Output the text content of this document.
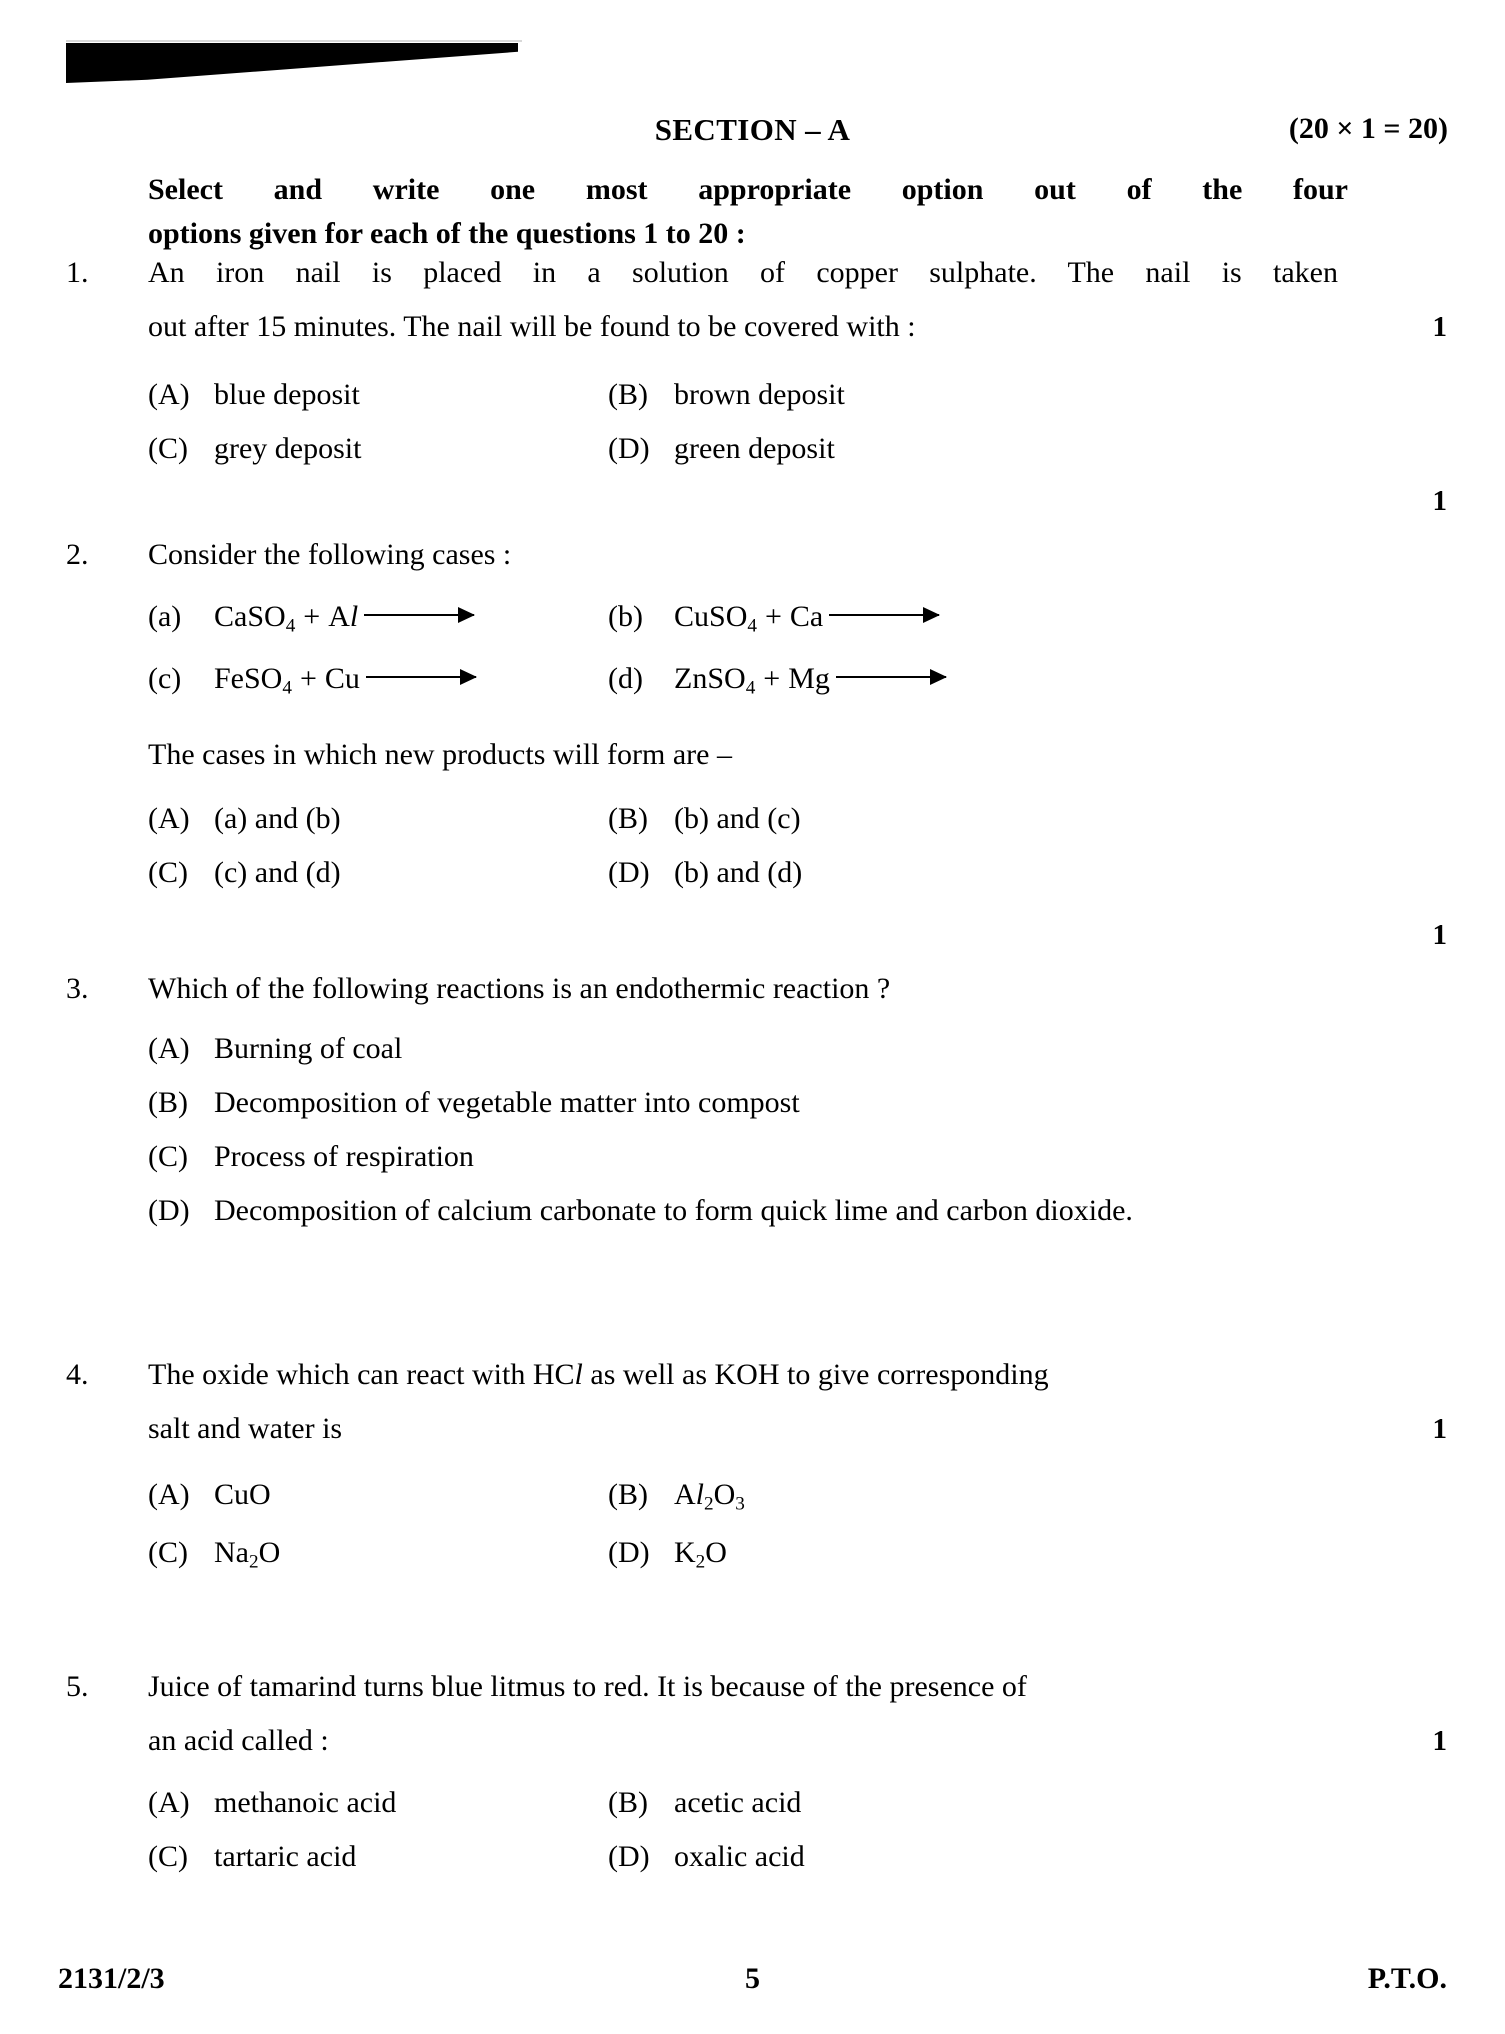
SECTION – A	(20 × 1 = 20)
Select and write one most appropriate option out of the four
options given for each of the questions 1 to 20 :
1.	An iron nail is placed in a solution of copper sulphate. The nail is taken
out after 15 minutes. The nail will be found to be covered with :	1
(A) blue deposit	(B) brown deposit
(C) grey deposit	(D) green deposit
2.	Consider the following cases :
1
(a)	CaSO$_4$ + Al →	(b)	CuSO$_4$ + Ca →
(c)	FeSO$_4$ + Cu →	(d)	ZnSO$_4$ + Mg →
The cases in which new products will form are –
(A) (a) and (b)	(B) (b) and (c)
(C) (c) and (d)	(D) (b) and (d)
3.	Which of the following reactions is an endothermic reaction ?
1
(A) Burning of coal
(B) Decomposition of vegetable matter into compost
(C) Process of respiration
(D) Decomposition of calcium carbonate to form quick lime and carbon dioxide.
4.	The oxide which can react with HCl as well as KOH to give corresponding
salt and water is	1
(A) CuO	(B) $Al_2O_3$
(C) $Na_2O$	(D) $K_2O$
5.	Juice of tamarind turns blue litmus to red. It is because of the presence of
an acid called :	1
(A) methanoic acid	(B) acetic acid
(C) tartaric acid	(D) oxalic acid
2131/2/3	5	P.T.O.
